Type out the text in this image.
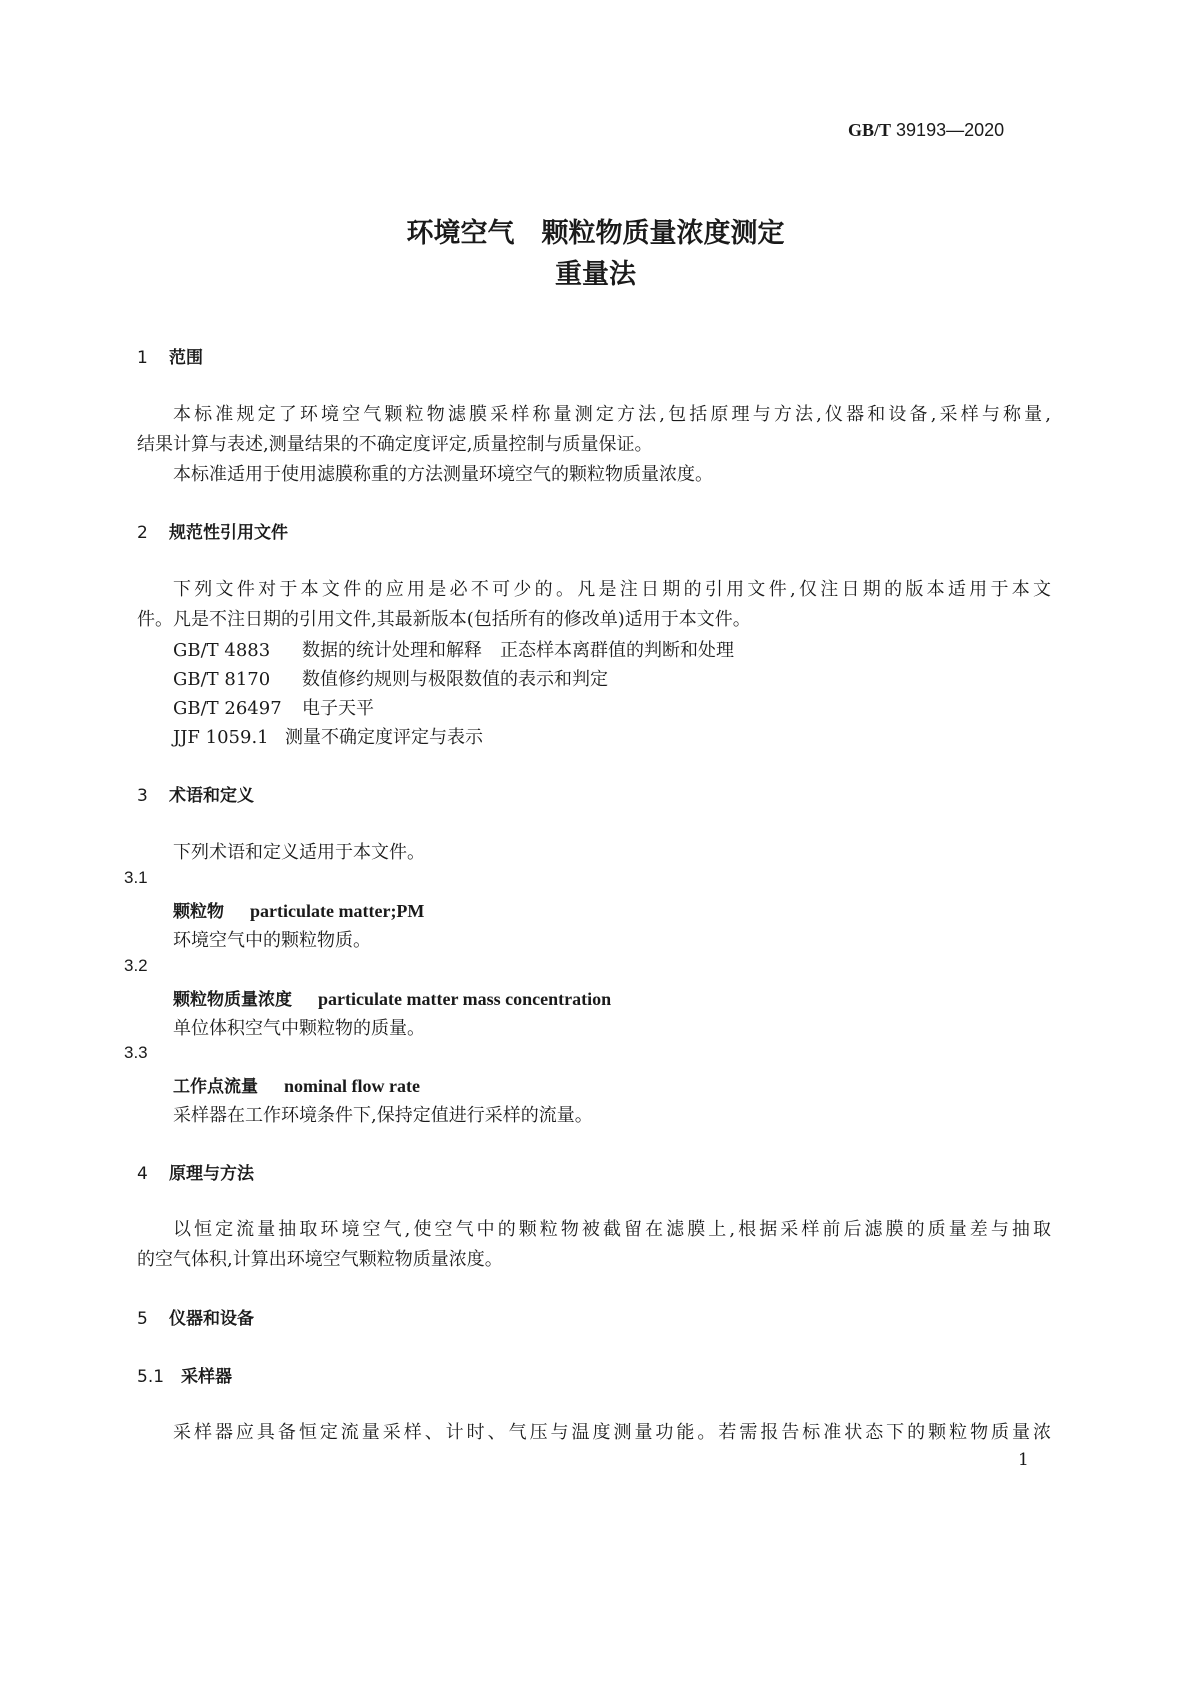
GB/T 39193—2020
环境空气　颗粒物质量浓度测定
重量法
1 范围
本标准规定了环境空气颗粒物滤膜采样称量测定方法,包括原理与方法,仪器和设备,采样与称量,
结果计算与表述,测量结果的不确定度评定,质量控制与质量保证。
本标准适用于使用滤膜称重的方法测量环境空气的颗粒物质量浓度。
2 规范性引用文件
下列文件对于本文件的应用是必不可少的。凡是注日期的引用文件,仅注日期的版本适用于本文
件。凡是不注日期的引用文件,其最新版本(包括所有的修改单)适用于本文件。
GB/T 4883 数据的统计处理和解释　正态样本离群值的判断和处理
GB/T 8170 数值修约规则与极限数值的表示和判定
GB/T 26497 电子天平
JJF 1059.1 测量不确定度评定与表示
3 术语和定义
下列术语和定义适用于本文件。
3.1
颗粒物 particulate matter;PM
环境空气中的颗粒物质。
3.2
颗粒物质量浓度 particulate matter mass concentration
单位体积空气中颗粒物的质量。
3.3
工作点流量 nominal flow rate
采样器在工作环境条件下,保持定值进行采样的流量。
4 原理与方法
以恒定流量抽取环境空气,使空气中的颗粒物被截留在滤膜上,根据采样前后滤膜的质量差与抽取
的空气体积,计算出环境空气颗粒物质量浓度。
5 仪器和设备
5.1 采样器
采样器应具备恒定流量采样、计时、气压与温度测量功能。若需报告标准状态下的颗粒物质量浓
1
